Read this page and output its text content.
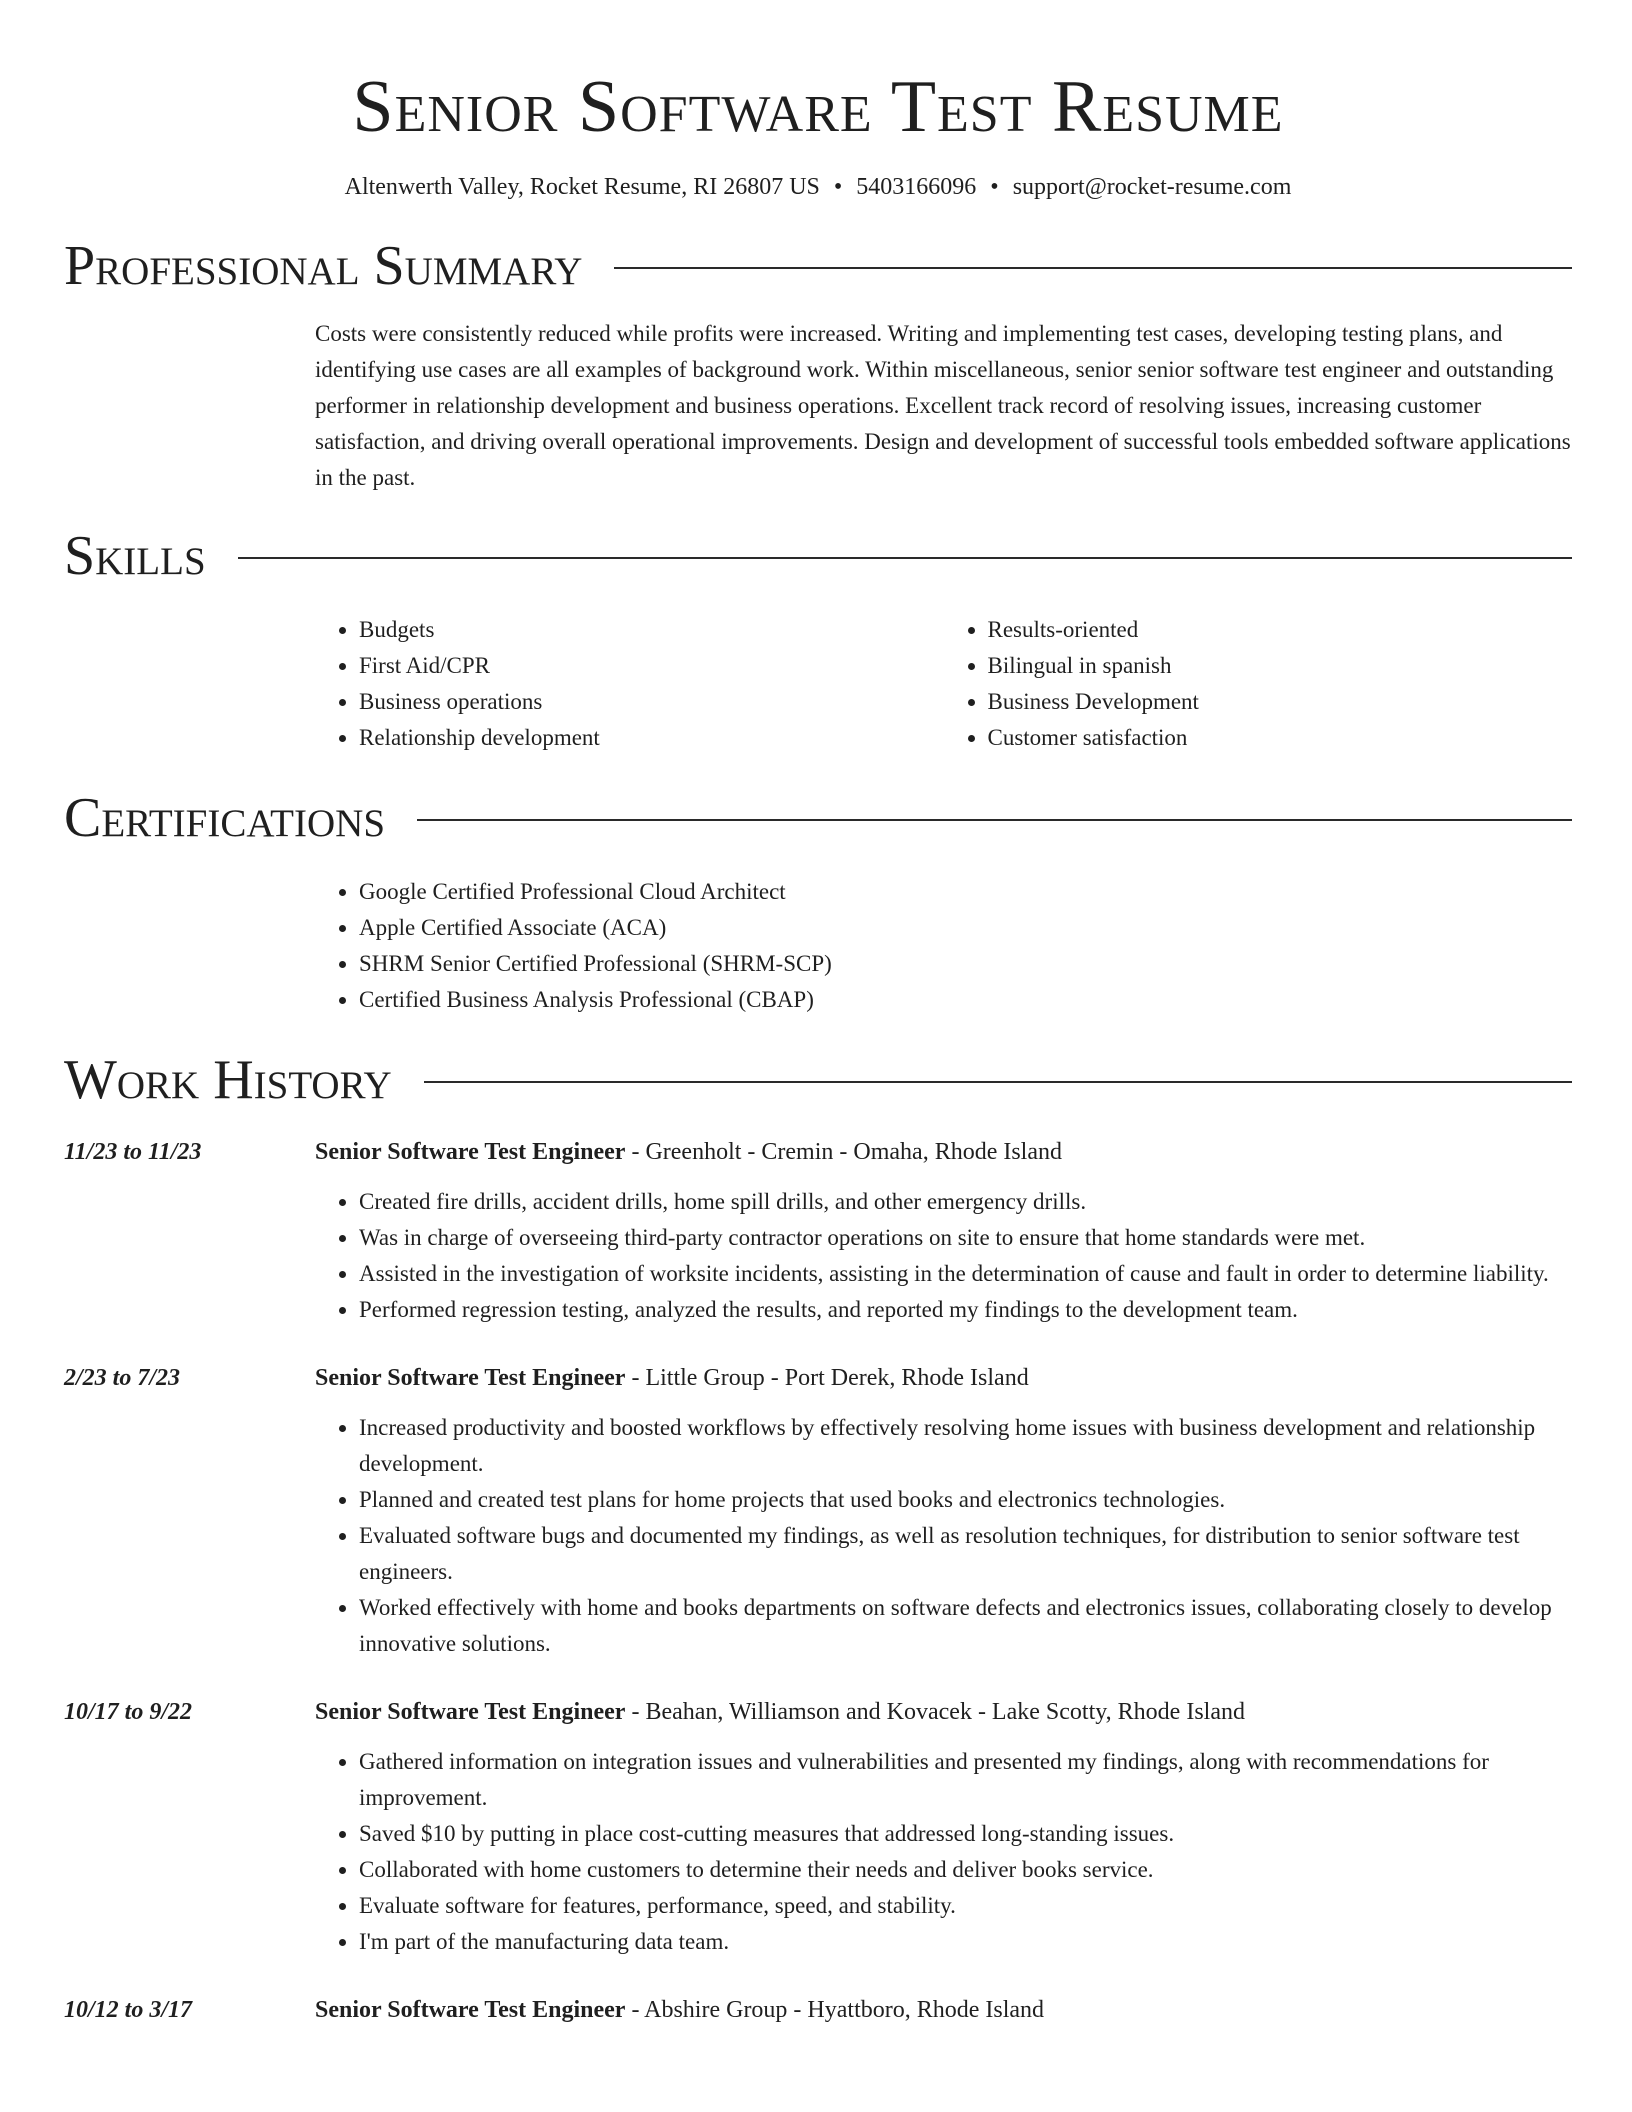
Senior Software Test Resume
Altenwerth Valley, Rocket Resume, RI 26807 US • 5403166096 • support@rocket-resume.com
Professional Summary

Costs were consistently reduced while profits were increased. Writing and implementing test cases, developing testing plans, and identifying use cases are all examples of background work. Within miscellaneous, senior senior software test engineer and outstanding performer in relationship development and business operations. Excellent track record of resolving issues, increasing customer satisfaction, and driving overall operational improvements. Design and development of successful tools embedded software applications in the past.

Skills
• Budgets
• First Aid/CPR
• Business operations
• Relationship development
• Results-oriented
• Bilingual in spanish
• Business Development
• Customer satisfaction
Certifications
• Google Certified Professional Cloud Architect
• Apple Certified Associate (ACA)
• SHRM Senior Certified Professional (SHRM-SCP)
• Certified Business Analysis Professional (CBAP)
Work History
11/23 to 11/23	Senior Software Test Engineer - Greenholt - Cremin - Omaha, Rhode Island
• Created fire drills, accident drills, home spill drills, and other emergency drills.
• Was in charge of overseeing third-party contractor operations on site to ensure that home standards were met.
• Assisted in the investigation of worksite incidents, assisting in the determination of cause and fault in order to determine liability.
• Performed regression testing, analyzed the results, and reported my findings to the development team.
2/23 to 7/23	Senior Software Test Engineer - Little Group - Port Derek, Rhode Island
• Increased productivity and boosted workflows by effectively resolving home issues with business development and relationship development.
• Planned and created test plans for home projects that used books and electronics technologies.
• Evaluated software bugs and documented my findings, as well as resolution techniques, for distribution to senior software test engineers.
• Worked effectively with home and books departments on software defects and electronics issues, collaborating closely to develop innovative solutions.
10/17 to 9/22	Senior Software Test Engineer - Beahan, Williamson and Kovacek - Lake Scotty, Rhode Island
• Gathered information on integration issues and vulnerabilities and presented my findings, along with recommendations for improvement.
• Saved $10 by putting in place cost-cutting measures that addressed long-standing issues.
• Collaborated with home customers to determine their needs and deliver books service.
• Evaluate software for features, performance, speed, and stability.
• I'm part of the manufacturing data team.
10/12 to 3/17	Senior Software Test Engineer - Abshire Group - Hyattboro, Rhode Island
